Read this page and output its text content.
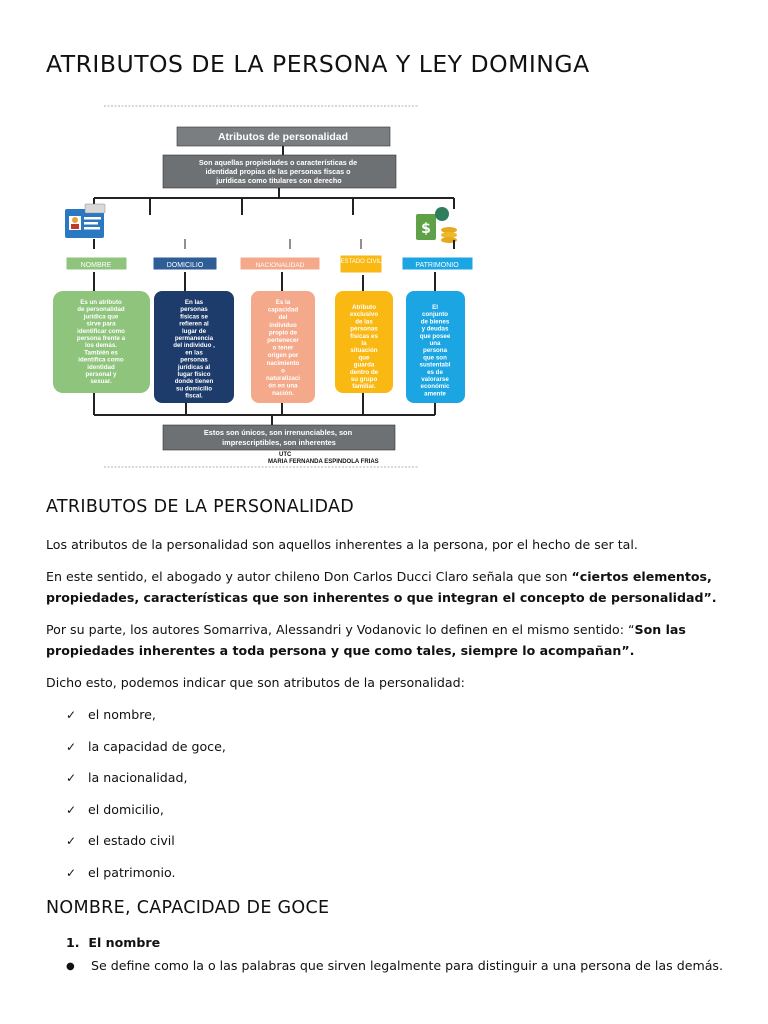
ATRIBUTOS DE LA PERSONA Y LEY DOMINGA
Atributos de personalidad
Son aquellas propiedades o características de identidad propias de las personas físcas o jurídicas como titulares con derecho
$
NOMBRE	DOMICILIO	NACIONALIDAD	ESTADO CIVIL	PATRIMONIO
Es un atributo de personalidad jurídica que sirve para identificar como persona frente a los demás. También es identifica como identidad personal y sexuar.
En las personas físicas se refieren al lugar de permanencia del individuo , en las personas jurídicas al lugar físico donde tienen su domicilio fiscal.
Es la capacidad del individuo propio de pertenecer o tener origen por nacimiento o naturalizaci ón en una nación.
Atributo exclusivo de las personas físicas es la situación que guarda dentro de su grupo familiar.
El conjunto de bienes y deudas que posee una persona que son sustentabl es de valorarse económic amente
Estos son únicos, son irrenunciables, son imprescriptibles, son inherentes
UTC MARIA FERNANDA ESPINDOLA FRIAS
ATRIBUTOS DE LA PERSONALIDAD

Los atributos de la personalidad son aquellos inherentes a la persona, por el hecho de ser tal.

En este sentido, el abogado y autor chileno Don Carlos Ducci Claro señala que son “ciertos elementos, propiedades, características que son inherentes o que integran el concepto de personalidad”.

Por su parte, los autores Somarriva, Alessandri y Vodanovic lo definen en el mismo sentido: “Son las propiedades inherentes a toda persona y que como tales, siempre lo acompañan”.

Dicho esto, podemos indicar que son atributos de la personalidad:

✓ el nombre,
✓ la capacidad de goce,
✓ la nacionalidad,
✓ el domicilio,
✓ el estado civil
✓ el patrimonio.
NOMBRE, CAPACIDAD DE GOCE
1. El nombre
●	Se define como la o las palabras que sirven legalmente para distinguir a una persona de las demás.
